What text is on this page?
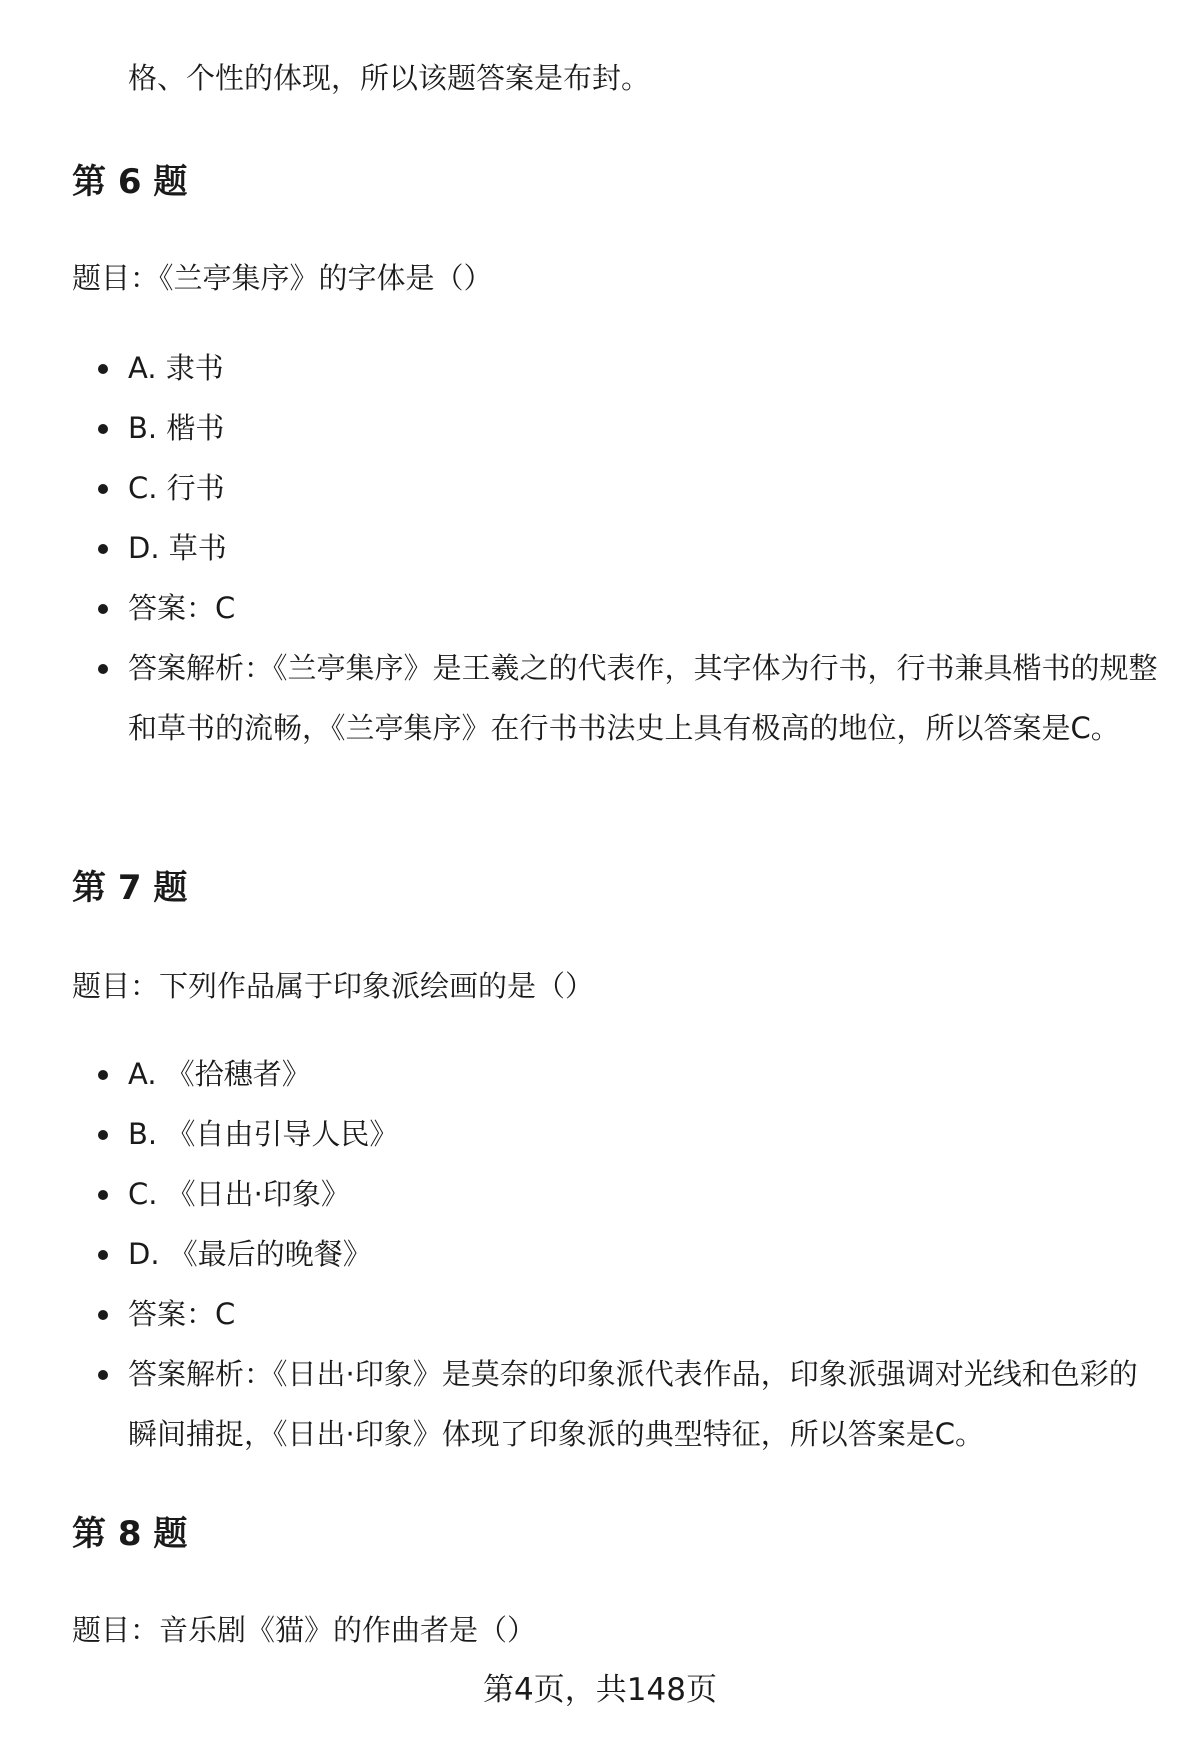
格、个性的体现，所以该题答案是布封。
第 6 题
题目：《兰亭集序》的字体是（）
A. 隶书
B. 楷书
C. 行书
D. 草书
答案：C
答案解析：《兰亭集序》是王羲之的代表作，其字体为行书，行书兼具楷书的规整和草书的流畅，《兰亭集序》在行书书法史上具有极高的地位，所以答案是C。
第 7 题
题目：下列作品属于印象派绘画的是（）
A. 《拾穗者》
B. 《自由引导人民》
C. 《日出·印象》
D. 《最后的晚餐》
答案：C
答案解析：《日出·印象》是莫奈的印象派代表作品，印象派强调对光线和色彩的瞬间捕捉，《日出·印象》体现了印象派的典型特征，所以答案是C。
第 8 题
题目：音乐剧《猫》的作曲者是（）
第4页，共148页
